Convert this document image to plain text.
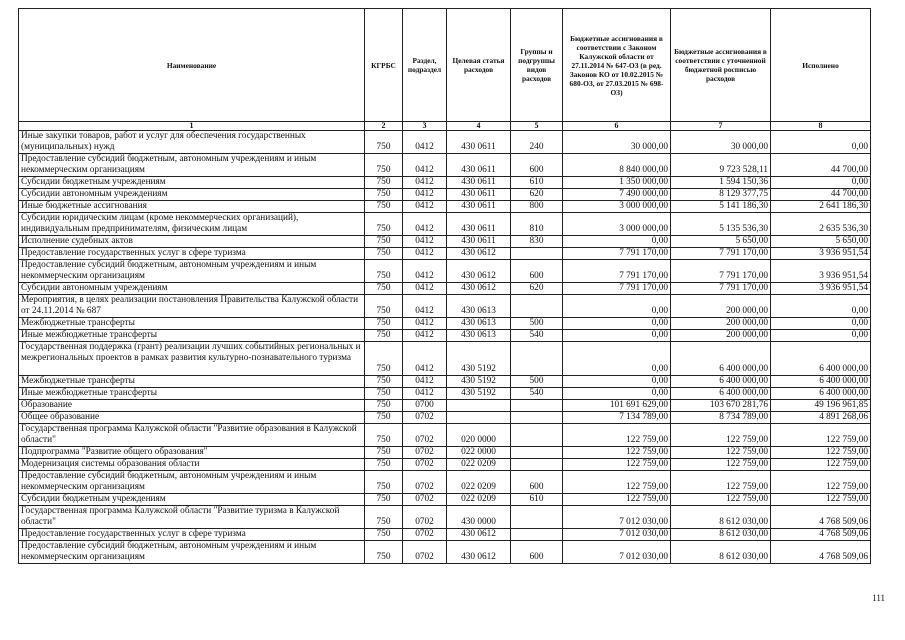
Наименование	КГРБС	Раздел, подраздел	Целевая статья расходов	Группы и подгруппы видов расходов	Бюджетные ассигнования в соответствии с Законом Калужской области от 27.11.2014 № 647-ОЗ (в ред. Законов КО от 10.02.2015 № 680-ОЗ, от 27.03.2015 № 698-ОЗ)	Бюджетные ассигнования в соответствии с уточненной бюджетной росписью расходов	Исполнено
1	2	3	4	5	6	7	8
Иные закупки товаров, работ и услуг для обеспечения государственных (муниципальных) нужд	750	0412	430 0611	240	30 000,00	30 000,00	0,00
Предоставление субсидий бюджетным, автономным учреждениям и иным некоммерческим организациям	750	0412	430 0611	600	8 840 000,00	9 723 528,11	44 700,00
Субсидии бюджетным учреждениям	750	0412	430 0611	610	1 350 000,00	1 594 150,36	0,00
Субсидии автономным учреждениям	750	0412	430 0611	620	7 490 000,00	8 129 377,75	44 700,00
Иные бюджетные ассигнования	750	0412	430 0611	800	3 000 000,00	5 141 186,30	2 641 186,30
Субсидии юридическим лицам (кроме некоммерческих организаций), индивидуальным предпринимателям, физическим лицам	750	0412	430 0611	810	3 000 000,00	5 135 536,30	2 635 536,30
Исполнение судебных актов	750	0412	430 0611	830	0,00	5 650,00	5 650,00
Предоставление государственных услуг в сфере туризма	750	0412	430 0612		7 791 170,00	7 791 170,00	3 936 951,54
Предоставление субсидий бюджетным, автономным учреждениям и иным некоммерческим организациям	750	0412	430 0612	600	7 791 170,00	7 791 170,00	3 936 951,54
Субсидии автономным учреждениям	750	0412	430 0612	620	7 791 170,00	7 791 170,00	3 936 951,54
Мероприятия, в целях реализации постановления Правительства Калужской области от 24.11.2014 № 687	750	0412	430 0613		0,00	200 000,00	0,00
Межбюджетные трансферты	750	0412	430 0613	500	0,00	200 000,00	0,00
Иные межбюджетные трансферты	750	0412	430 0613	540	0,00	200 000,00	0,00
Государственная поддержка (грант) реализации лучших событийных региональных и межрегиональных проектов в рамках развития культурно-познавательного туризма	750	0412	430 5192		0,00	6 400 000,00	6 400 000,00
Межбюджетные трансферты	750	0412	430 5192	500	0,00	6 400 000,00	6 400 000,00
Иные межбюджетные трансферты	750	0412	430 5192	540	0,00	6 400 000,00	6 400 000,00
Образование	750	0700			101 691 629,00	103 670 281,76	49 196 961,85
Общее образование	750	0702			7 134 789,00	8 734 789,00	4 891 268,06
Государственная программа Калужской области "Развитие образования в Калужской области"	750	0702	020 0000		122 759,00	122 759,00	122 759,00
Подпрограмма "Развитие общего образования"	750	0702	022 0000		122 759,00	122 759,00	122 759,00
Модернизация системы образования области	750	0702	022 0209		122 759,00	122 759,00	122 759,00
Предоставление субсидий бюджетным, автономным учреждениям и иным некоммерческим организациям	750	0702	022 0209	600	122 759,00	122 759,00	122 759,00
Субсидии бюджетным учреждениям	750	0702	022 0209	610	122 759,00	122 759,00	122 759,00
Государственная программа Калужской области "Развитие туризма в Калужской области"	750	0702	430 0000		7 012 030,00	8 612 030,00	4 768 509,06
Предоставление государственных услуг в сфере туризма	750	0702	430 0612		7 012 030,00	8 612 030,00	4 768 509,06
Предоставление субсидий бюджетным, автономным учреждениям и иным некоммерческим организациям	750	0702	430 0612	600	7 012 030,00	8 612 030,00	4 768 509,06
111
